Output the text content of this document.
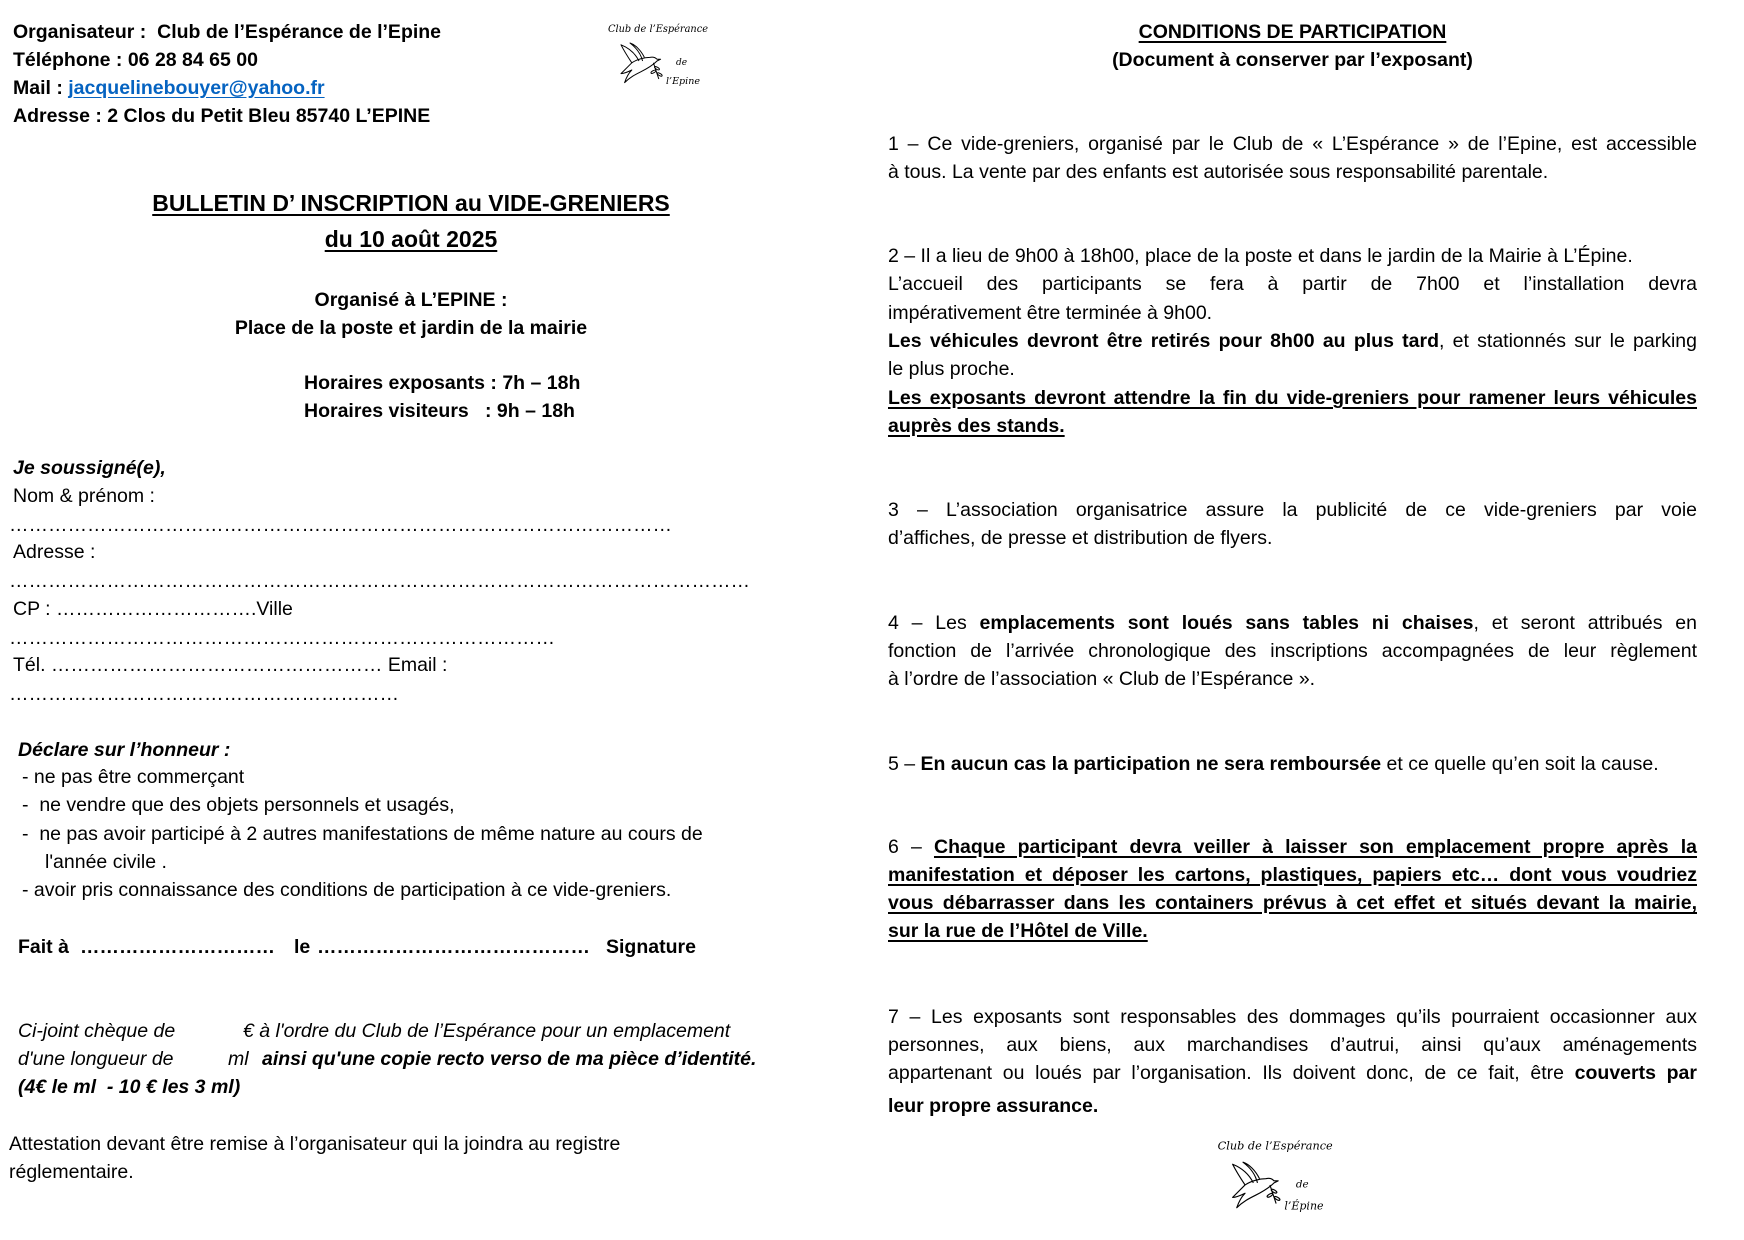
Organisateur :  Club de l’Espérance de l’Epine
Téléphone : 06 28 84 65 00
Mail : jacquelinebouyer@yahoo.fr
Adresse : 2 Clos du Petit Bleu 85740 L’EPINE
Club de l’Espérance
de
l’Epine
BULLETIN D’ INSCRIPTION au VIDE-GRENIERS
du 10 août 2025
Organisé à L’EPINE :
Place de la poste et jardin de la mairie
Horaires exposants : 7h – 18h
Horaires visiteurs   : 9h – 18h
Je soussigné(e),
Nom & prénom :
…………………………………………………………………………………………
Adresse :
……………………………………………………………………………………………………
CP : ………………………….Ville
…………………………………………………………………………
Tél. …………………………………………… Email :
……………………………………………………
Déclare sur l’honneur :
- ne pas être commerçant
-  ne vendre que des objets personnels et usagés,
-  ne pas avoir participé à 2 autres manifestations de même nature au cours de
l'année civile .
- avoir pris connaissance des conditions de participation à ce vide-greniers.
Fait à ………………………… le …………………………………… Signature
Ci-joint chèque de	€ à l'ordre du Club de l’Espérance pour un emplacement
d'une longueur de	ml ainsi qu'une copie recto verso de ma pièce d’identité.
(4€ le ml  - 10 € les 3 ml)
Attestation devant être remise à l’organisateur qui la joindra au registre
réglementaire.
CONDITIONS DE PARTICIPATION
(Document à conserver par l’exposant)
1 – Ce vide-greniers, organisé par le Club de « L’Espérance » de l’Epine, est accessible
à tous. La vente par des enfants est autorisée sous responsabilité parentale.
2 – Il a lieu de 9h00 à 18h00, place de la poste et dans le jardin de la Mairie à L’Épine.
L’accueil des participants se fera à partir de 7h00 et l’installation devra
impérativement être terminée à 9h00.
Les véhicules devront être retirés pour 8h00 au plus tard, et stationnés sur le parking
le plus proche.
Les exposants devront attendre la fin du vide-greniers pour ramener leurs véhicules
auprès des stands.
3 – L’association organisatrice assure la publicité de ce vide-greniers par voie
d’affiches, de presse et distribution de flyers.
4 – Les emplacements sont loués sans tables ni chaises, et seront attribués en
fonction de l’arrivée chronologique des inscriptions accompagnées de leur règlement
à l’ordre de l’association « Club de l’Espérance ».
5 – En aucun cas la participation ne sera remboursée et ce quelle qu’en soit la cause.
6 – Chaque participant devra veiller à laisser son emplacement propre après la
manifestation et déposer les cartons, plastiques, papiers etc… dont vous voudriez
vous débarrasser dans les containers prévus à cet effet et situés devant la mairie,
sur la rue de l’Hôtel de Ville.
7 – Les exposants sont responsables des dommages qu’ils pourraient occasionner aux
personnes, aux biens, aux marchandises d’autrui, ainsi qu’aux aménagements
appartenant ou loués par l’organisation. Ils doivent donc, de ce fait, être couverts par
leur propre assurance.
Club de l’Espérance
de
l’Épine
